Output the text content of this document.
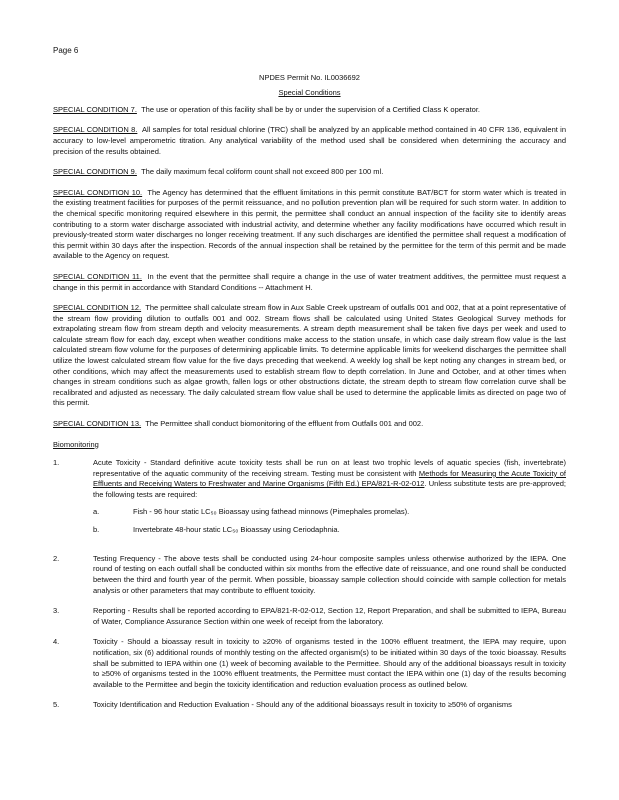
Page 6
NPDES Permit No. IL0036692
Special Conditions

SPECIAL CONDITION 7. The use or operation of this facility shall be by or under the supervision of a Certified Class K operator.

SPECIAL CONDITION 8. All samples for total residual chlorine (TRC) shall be analyzed by an applicable method contained in 40 CFR 136, equivalent in accuracy to low-level amperometric titration. Any analytical variability of the method used shall be considered when determining the accuracy and precision of the results obtained.

SPECIAL CONDITION 9. The daily maximum fecal coliform count shall not exceed 800 per 100 ml.

SPECIAL CONDITION 10. The Agency has determined that the effluent limitations in this permit constitute BAT/BCT for storm water which is treated in the existing treatment facilities for purposes of the permit reissuance, and no pollution prevention plan will be required for such storm water. In addition to the chemical specific monitoring required elsewhere in this permit, the permittee shall conduct an annual inspection of the facility site to identify areas contributing to a storm water discharge associated with industrial activity, and determine whether any facility modifications have occurred which result in previously-treated storm water discharges no longer receiving treatment. If any such discharges are identified the permittee shall request a modification of this permit within 30 days after the inspection. Records of the annual inspection shall be retained by the permittee for the term of this permit and be made available to the Agency on request.

SPECIAL CONDITION 11. In the event that the permittee shall require a change in the use of water treatment additives, the permittee must request a change in this permit in accordance with Standard Conditions -- Attachment H.

SPECIAL CONDITION 12. The permittee shall calculate stream flow in Aux Sable Creek upstream of outfalls 001 and 002, that at a point representative of the stream flow providing dilution to outfalls 001 and 002. Stream flows shall be calculated using United States Geological Survey methods for extrapolating stream flow from stream depth and velocity measurements. A stream depth measurement shall be taken five days per week and used to calculate stream flow for each day, except when weather conditions make access to the station unsafe, in which case daily stream flow value is the last calculated stream flow volume for the purposes of determining applicable limits. To determine applicable limits for weekend discharges the permittee shall utilize the lowest calculated stream flow value for the five days preceding that weekend. A weekly log shall be kept noting any changes in stream bed, or other conditions, which may affect the measurements used to establish stream flow to depth correlation. In June and October, and at other times when changes in stream conditions such as algae growth, fallen logs or other obstructions dictate, the stream depth to stream flow correlation curve shall be recalibrated and adjusted as necessary. The daily calculated stream flow value shall be used to determine the applicable limits as directed on page two of this permit.

SPECIAL CONDITION 13. The Permittee shall conduct biomonitoring of the effluent from Outfalls 001 and 002.

Biomonitoring
1.	Acute Toxicity - Standard definitive acute toxicity tests shall be run on at least two trophic levels of aquatic species (fish, invertebrate) representative of the aquatic community of the receiving stream. Testing must be consistent with Methods for Measuring the Acute Toxicity of Effluents and Receiving Waters to Freshwater and Marine Organisms (Fifth Ed.) EPA/821-R-02-012. Unless substitute tests are pre-approved; the following tests are required:
a.	Fish - 96 hour static LC₅₀ Bioassay using fathead minnows (Pimephales promelas).
b.	Invertebrate 48-hour static LC₅₀ Bioassay using Ceriodaphnia.
2.	Testing Frequency - The above tests shall be conducted using 24-hour composite samples unless otherwise authorized by the IEPA. One round of testing on each outfall shall be conducted within six months from the effective date of reissuance, and one round shall be conducted between the third and fourth year of the permit. When possible, bioassay sample collection should coincide with sample collection for metals analysis or other parameters that may contribute to effluent toxicity.
3.	Reporting - Results shall be reported according to EPA/821-R-02-012, Section 12, Report Preparation, and shall be submitted to IEPA, Bureau of Water, Compliance Assurance Section within one week of receipt from the laboratory.
4.	Toxicity - Should a bioassay result in toxicity to ≥20% of organisms tested in the 100% effluent treatment, the IEPA may require, upon notification, six (6) additional rounds of monthly testing on the affected organism(s) to be initiated within 30 days of the toxic bioassay. Results shall be submitted to IEPA within one (1) week of becoming available to the Permittee. Should any of the additional bioassays result in toxicity to ≥50% of organisms tested in the 100% effluent treatments, the Permittee must contact the IEPA within one (1) day of the results becoming available to the Permittee and begin the toxicity identification and reduction evaluation process as outlined below.
5.	Toxicity Identification and Reduction Evaluation - Should any of the additional bioassays result in toxicity to ≥50% of organisms
